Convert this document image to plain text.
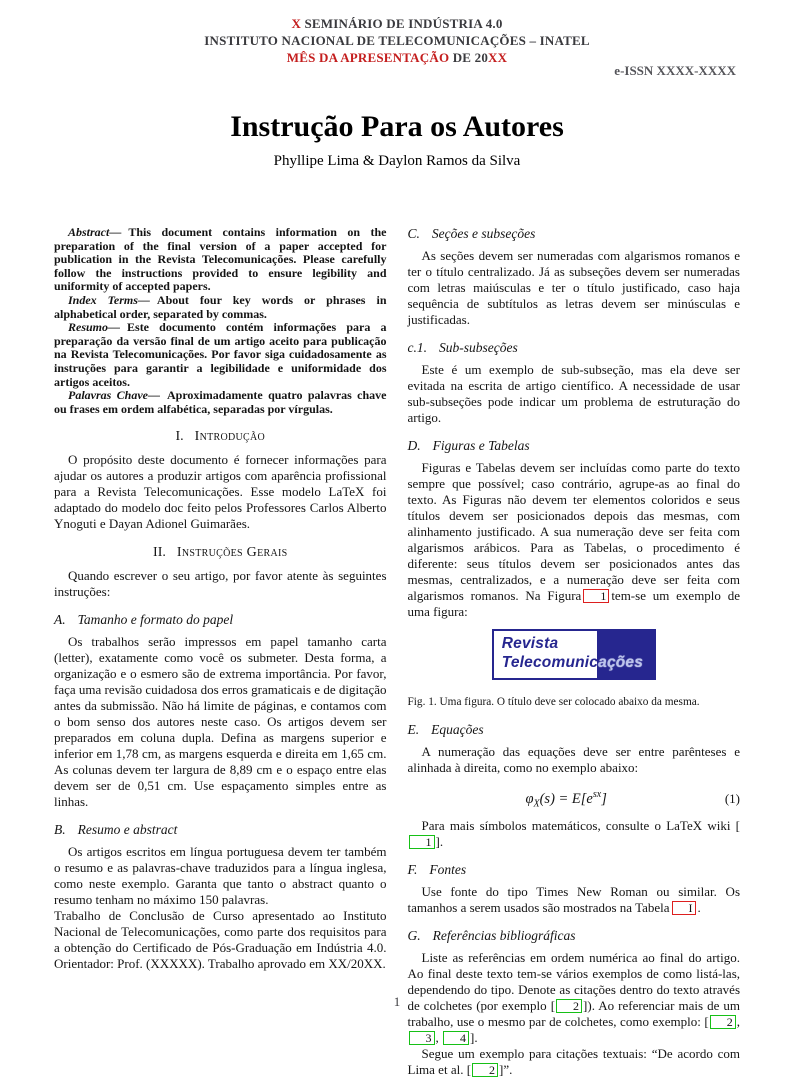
X SEMINÁRIO DE INDÚSTRIA 4.0
INSTITUTO NACIONAL DE TELECOMUNICAÇÕES – INATEL
MÊS DA APRESENTAÇÃO DE 20XX
e-ISSN XXXX-XXXX
Instrução Para os Autores
Phyllipe Lima & Daylon Ramos da Silva

Abstract— This document contains information on the preparation of the final version of a paper accepted for publication in the Revista Telecomunicações. Please carefully follow the instructions provided to ensure legibility and uniformity of accepted papers.

Index Terms— About four key words or phrases in alphabetical order, separated by commas.

Resumo— Este documento contém informações para a preparação da versão final de um artigo aceito para publicação na Revista Telecomunicações. Por favor siga cuidadosamente as instruções para garantir a legibilidade e uniformidade dos artigos aceitos.

Palavras Chave— Aproximadamente quatro palavras chave ou frases em ordem alfabética, separadas por vírgulas.

I. Introdução

O propósito deste documento é fornecer informações para ajudar os autores a produzir artigos com aparência profissional para a Revista Telecomunicações. Esse modelo LaTeX foi adaptado do modelo doc feito pelos Professores Carlos Alberto Ynoguti e Dayan Adionel Guimarães.

II. Instruções Gerais

Quando escrever o seu artigo, por favor atente às seguintes instruções:

A. Tamanho e formato do papel

Os trabalhos serão impressos em papel tamanho carta (letter), exatamente como você os submeter. Desta forma, a organização e o esmero são de extrema importância. Por favor, faça uma revisão cuidadosa dos erros gramaticais e de digitação antes da submissão. Não há limite de páginas, e contamos com o bom senso dos autores neste caso. Os artigos devem ser preparados em coluna dupla. Defina as margens superior e inferior em 1,78 cm, as margens esquerda e direita em 1,65 cm. As colunas devem ter largura de 8,89 cm e o espaço entre elas devem ser de 0,51 cm. Use espaçamento simples entre as linhas.

B. Resumo e abstract

Os artigos escritos em língua portuguesa devem ter também o resumo e as palavras-chave traduzidos para a língua inglesa, como neste exemplo. Garanta que tanto o abstract quanto o resumo tenham no máximo 150 palavras.

Trabalho de Conclusão de Curso apresentado ao Instituto Nacional de Telecomunicações, como parte dos requisitos para a obtenção do Certificado de Pós-Graduação em Indústria 4.0. Orientador: Prof. (XXXXX). Trabalho aprovado em XX/20XX.

C. Seções e subseções

As seções devem ser numeradas com algarismos romanos e ter o título centralizado. Já as subseções devem ser numeradas com letras maiúsculas e ter o título justificado, caso haja sequência de subtítulos as letras devem ser minúsculas e justificadas.

c.1. Sub-subseções

Este é um exemplo de sub-subseção, mas ela deve ser evitada na escrita de artigo científico. A necessidade de usar sub-subseções pode indicar um problema de estruturação do artigo.

D. Figuras e Tabelas

Figuras e Tabelas devem ser incluídas como parte do texto sempre que possível; caso contrário, agrupe-as ao final do texto. As Figuras não devem ter elementos coloridos e seus títulos devem ser posicionados depois das mesmas, com alinhamento justificado. A sua numeração deve ser feita com algarismos arábicos. Para as Tabelas, o procedimento é diferente: seus títulos devem ser posicionados antes das mesmas, centralizados, e a numeração deve ser feita com algarismos romanos. Na Figura 1 tem-se um exemplo de uma figura:

Revista
Telecomunicações

Fig. 1. Uma figura. O título deve ser colocado abaixo da mesma.

E. Equações

A numeração das equações deve ser entre parênteses e alinhada à direita, como no exemplo abaixo:

$\varphi_X(s) = E[e^{sx}]$	(1)

Para mais símbolos matemáticos, consulte o LaTeX wiki [1 ].

F. Fontes

Use fonte do tipo Times New Roman ou similar. Os tamanhos a serem usados são mostrados na Tabela I .

G. Referências bibliográficas

Liste as referências em ordem numérica ao final do artigo. Ao final deste texto tem-se vários exemplos de como listá-las, dependendo do tipo. Denote as citações dentro do texto através de colchetes (por exemplo [ 2 ]). Ao referenciar mais de um trabalho, use o mesmo par de colchetes, como exemplo: [ 2 , 3 , 4 ].

Segue um exemplo para citações textuais: “De acordo com Lima et al. [ 2 ]”.

1
